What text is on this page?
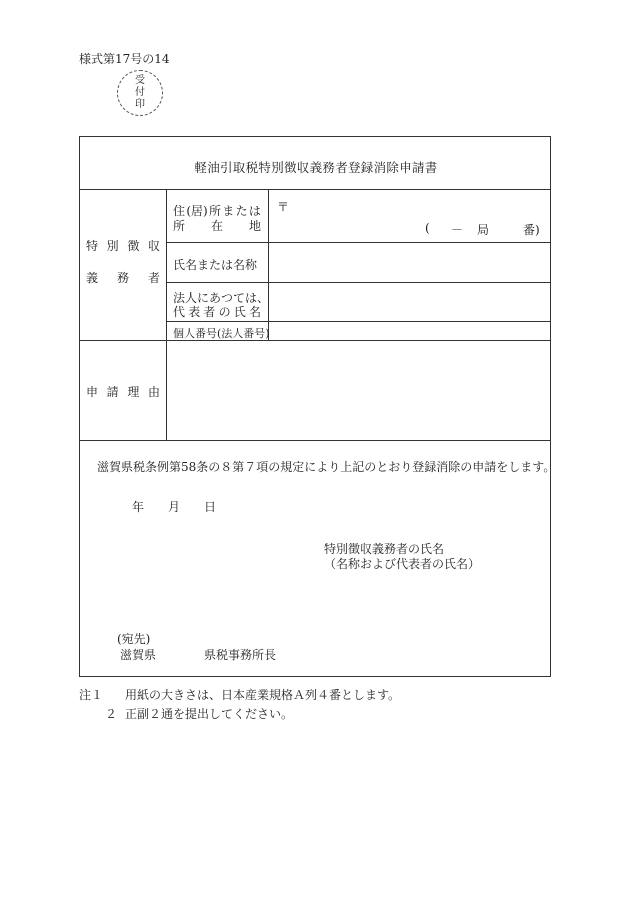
様式第17号の14
受
付
印
軽油引取税特別徴収義務者登録消除申請書
特 別 徴 収
義 務 者
住 (居) 所 ま た は
所 在 地
〒
( － 局	番)
氏名または名称
法人にあつては、
代 表 者 の 氏 名
個人番号(法人番号)
申 請 理 由
滋賀県税条例第58条の８第７項の規定により上記のとおり登録消除の申請をします。
年 月 日
特別徴収義務者の氏名
（名称および代表者の氏名）
(宛先)
滋賀県	県税事務所長
注１ 用紙の大きさは、日本産業規格Ａ列４番とします。
２ 正副２通を提出してください。
